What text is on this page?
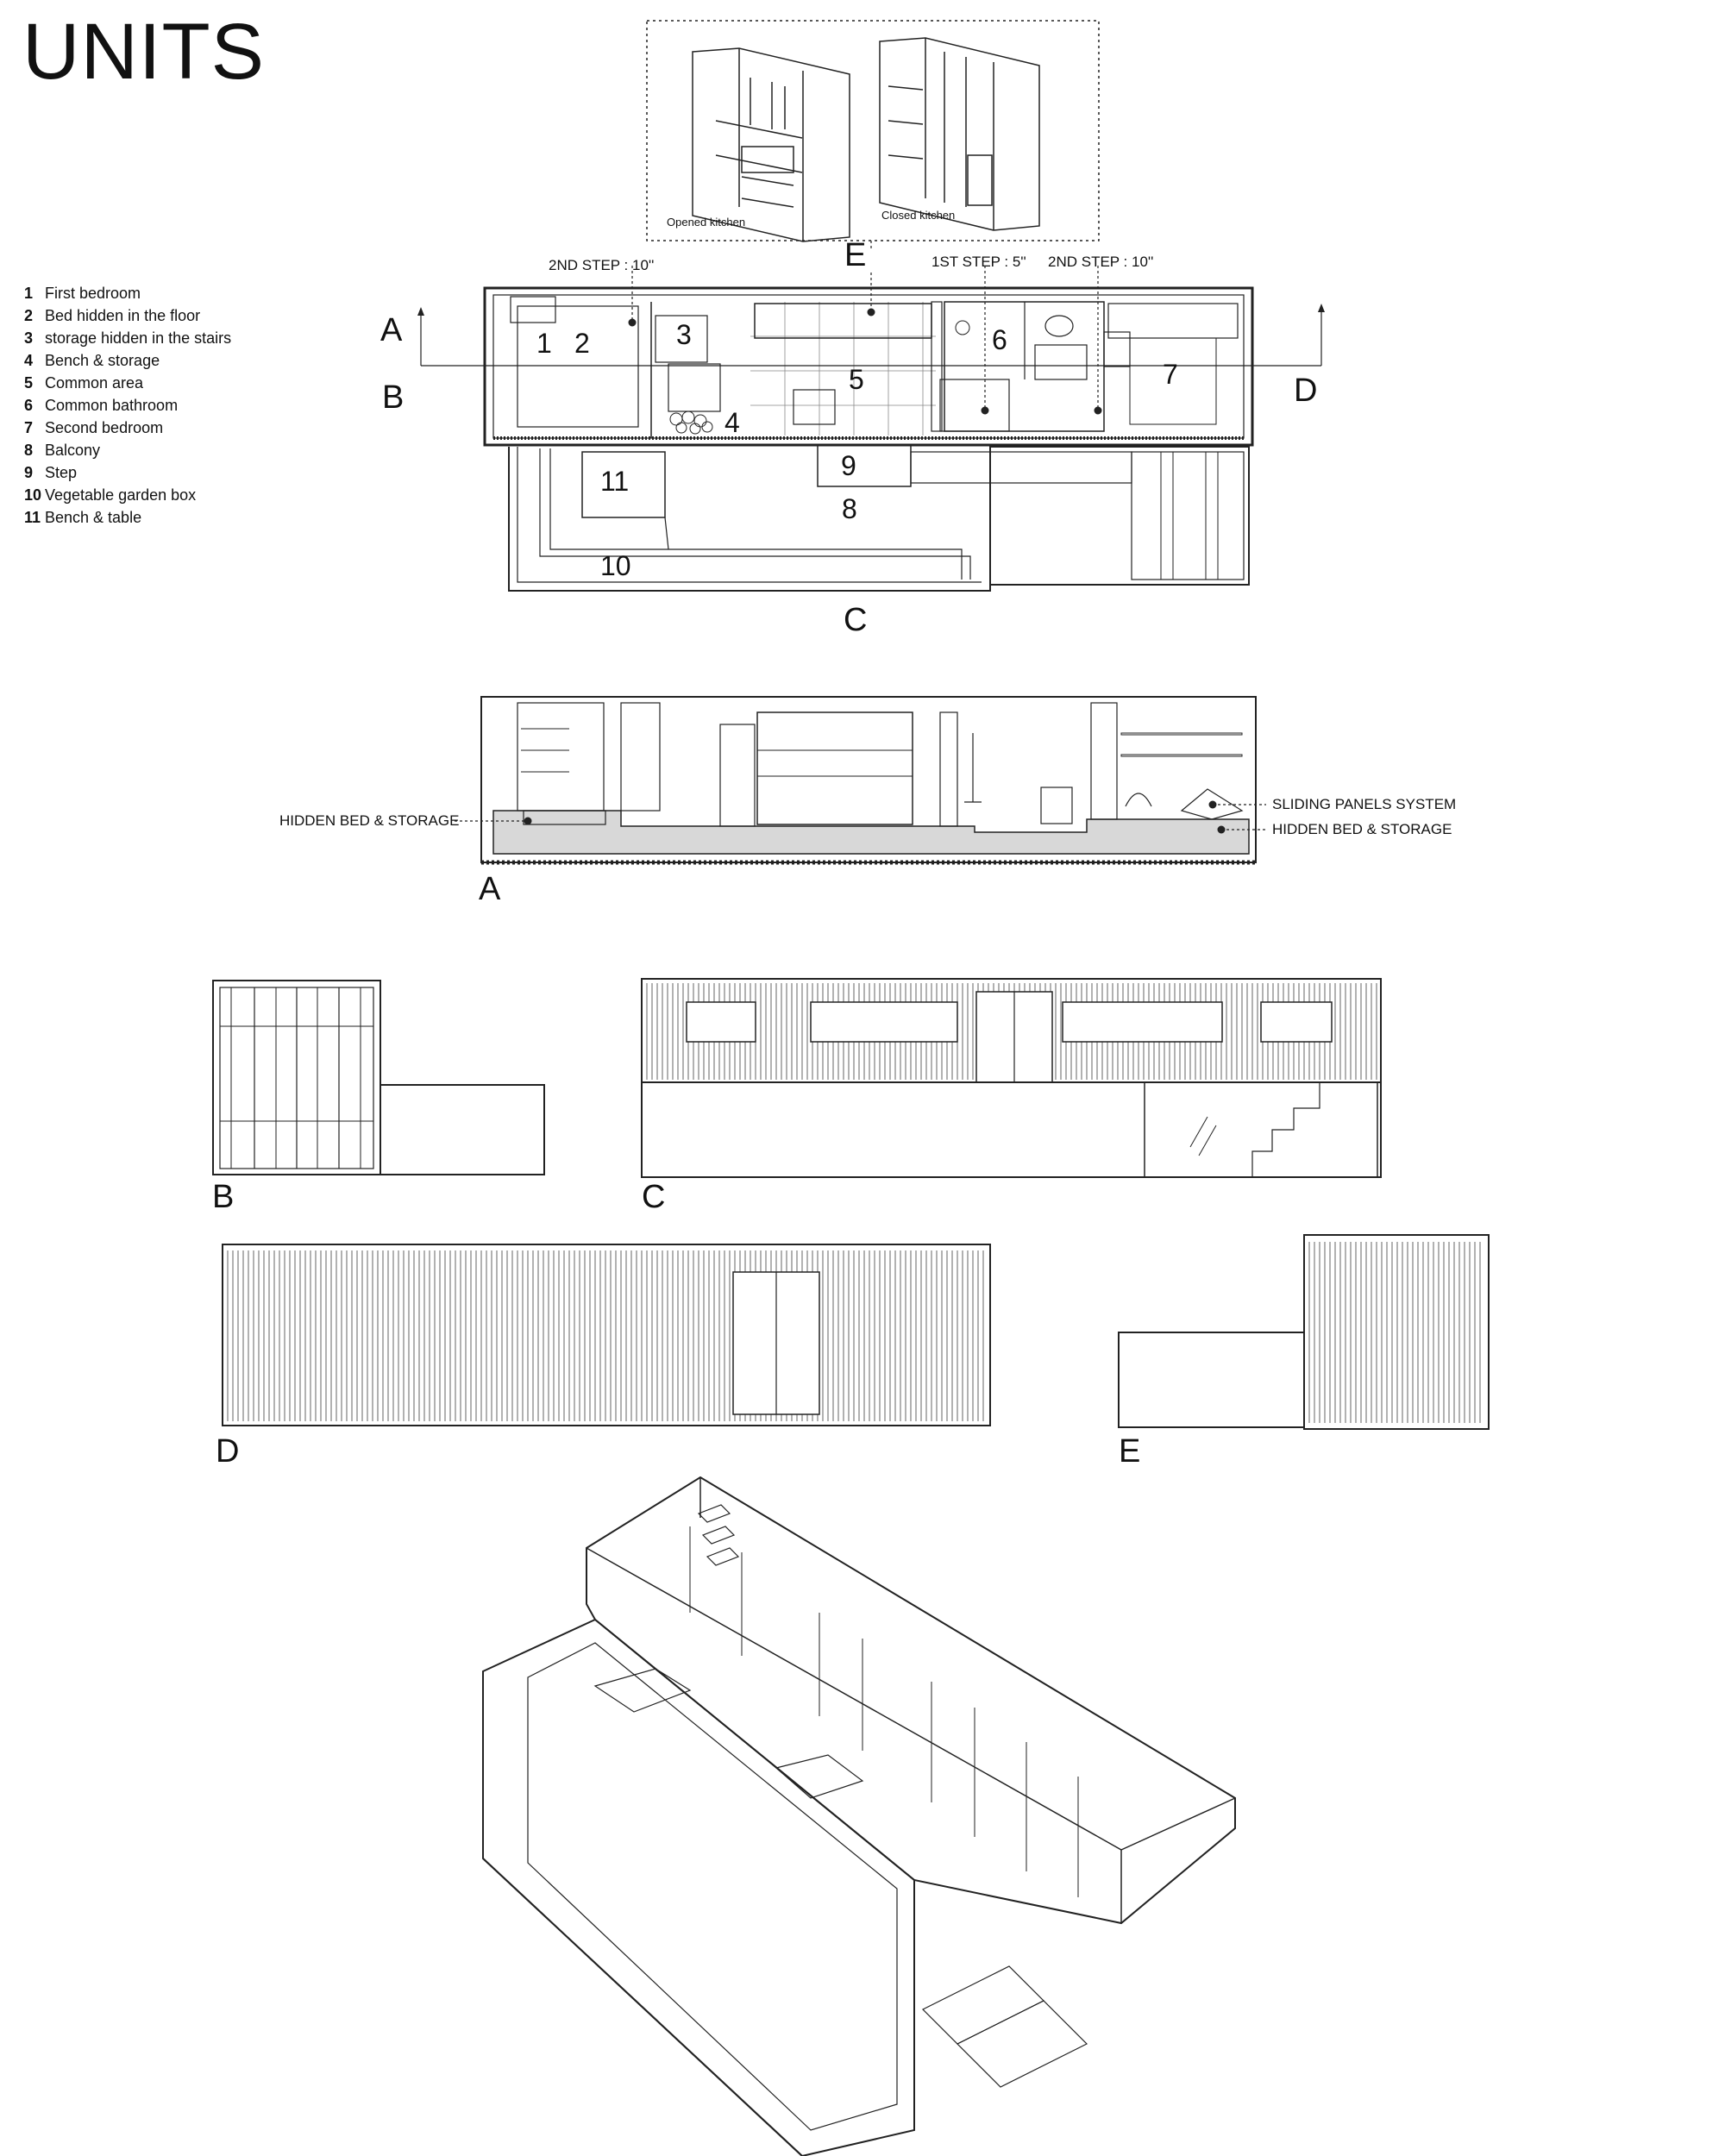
UNITS
1 First bedroom
2 Bed hidden in the floor
3 storage hidden in the stairs
4 Bench & storage
5 Common area
6 Common bathroom
7 Second bedroom
8 Balcony
9 Step
10 Vegetable garden box
11 Bench & table
Opened kitchen
Closed kitchen
2ND STEP : 10''	1ST STEP : 5'' 2ND STEP : 10''
A
B
E
D
C
1 2	3
4
5
6
7
8
9
10
11
HIDDEN BED & STORAGE
SLIDING PANELS SYSTEM
HIDDEN BED & STORAGE
A
B	C
D	E
